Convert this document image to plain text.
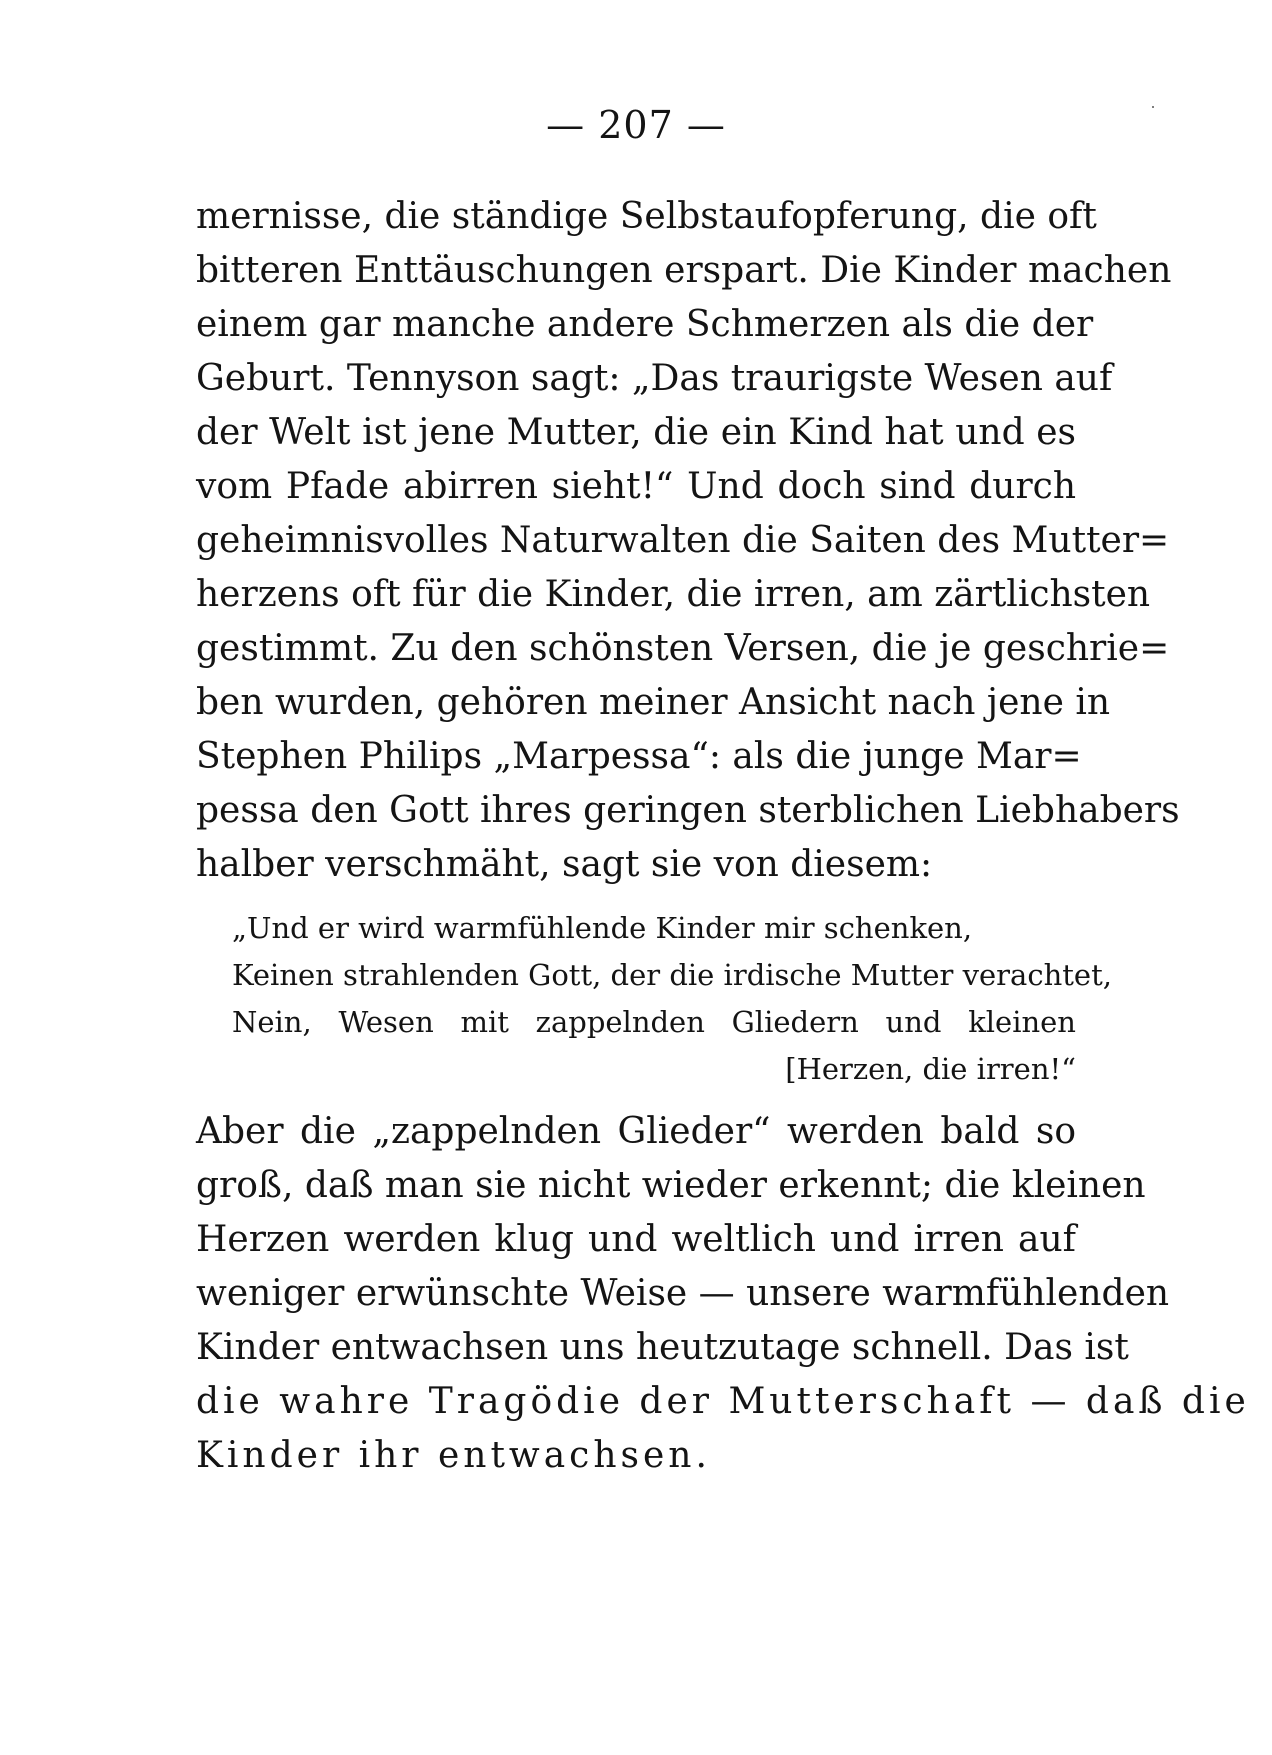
— 207 —
mernisse, die ständige Selbstaufopferung, die oft
bitteren Enttäuschungen erspart. Die Kinder machen
einem gar manche andere Schmerzen als die der
Geburt. Tennyson sagt: „Das traurigste Wesen auf
der Welt ist jene Mutter, die ein Kind hat und es
vom Pfade abirren sieht!“ Und doch sind durch
geheimnisvolles Naturwalten die Saiten des Mutter=
herzens oft für die Kinder, die irren, am zärtlichsten
gestimmt. Zu den schönsten Versen, die je geschrie=
ben wurden, gehören meiner Ansicht nach jene in
Stephen Philips „Marpessa“: als die junge Mar=
pessa den Gott ihres geringen sterblichen Liebhabers
halber verschmäht, sagt sie von diesem:
„Und er wird warmfühlende Kinder mir schenken,
Keinen strahlenden Gott, der die irdische Mutter verachtet,
Nein, Wesen mit zappelnden Gliedern und kleinen
[Herzen, die irren!“
Aber die „zappelnden Glieder“ werden bald so
groß, daß man sie nicht wieder erkennt; die kleinen
Herzen werden klug und weltlich und irren auf
weniger erwünschte Weise — unsere warmfühlenden
Kinder entwachsen uns heutzutage schnell. Das ist
die wahre Tragödie der Mutterschaft — daß die
Kinder ihr entwachsen.
